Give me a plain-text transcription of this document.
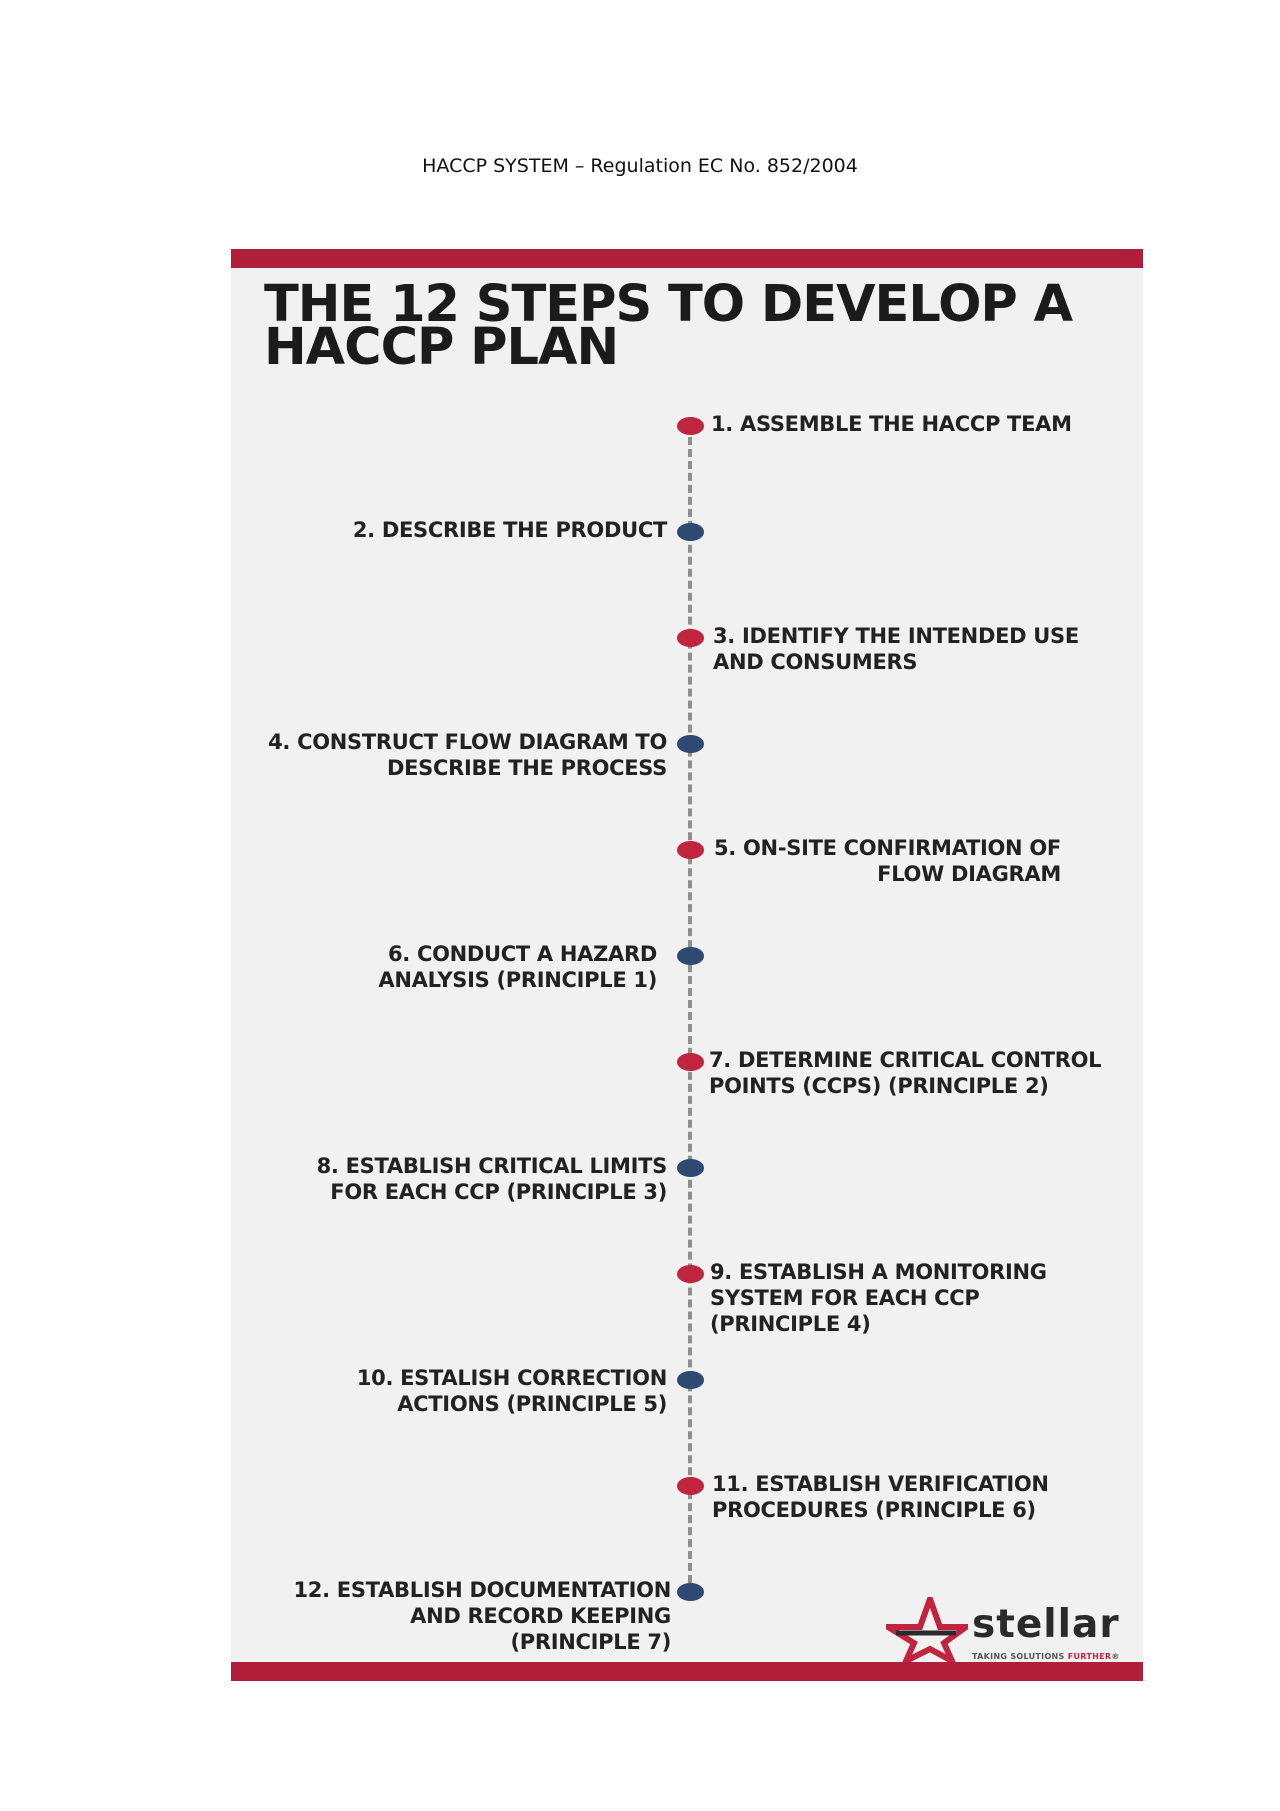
HACCP SYSTEM – Regulation EC No. 852/2004
THE 12 STEPS TO DEVELOP A
HACCP PLAN
1. ASSEMBLE THE HACCP TEAM
2. DESCRIBE THE PRODUCT
3. IDENTIFY THE INTENDED USE
AND CONSUMERS
4. CONSTRUCT FLOW DIAGRAM TO
DESCRIBE THE PROCESS
5. ON-SITE CONFIRMATION OF
FLOW DIAGRAM
6. CONDUCT A HAZARD
ANALYSIS (PRINCIPLE 1)
7. DETERMINE CRITICAL CONTROL
POINTS (CCPS) (PRINCIPLE 2)
8. ESTABLISH CRITICAL LIMITS
FOR EACH CCP (PRINCIPLE 3)
9. ESTABLISH A MONITORING
SYSTEM FOR EACH CCP
(PRINCIPLE 4)
10. ESTALISH CORRECTION
ACTIONS (PRINCIPLE 5)
11. ESTABLISH VERIFICATION
PROCEDURES (PRINCIPLE 6)
12. ESTABLISH DOCUMENTATION
AND RECORD KEEPING
(PRINCIPLE 7)	stellar
TAKING SOLUTIONS FURTHER®
